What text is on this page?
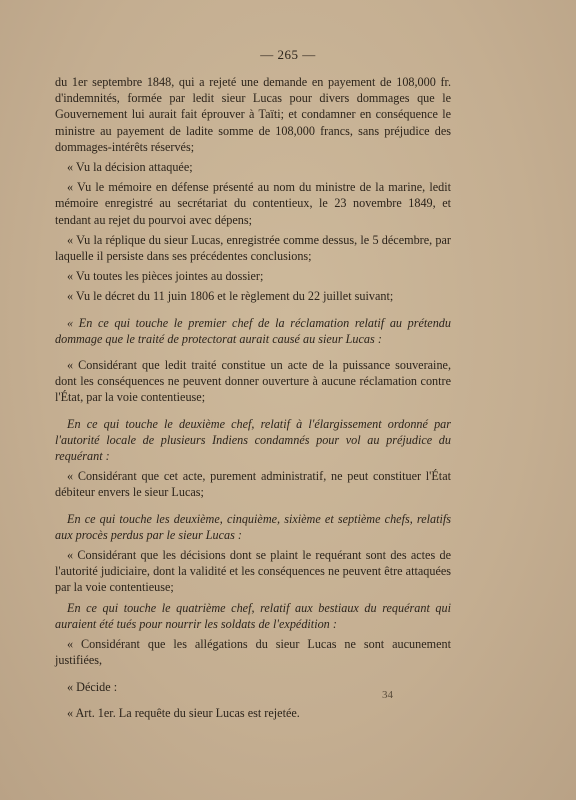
— 265 —

du 1er septembre 1848, qui a rejeté une demande en payement de 108,000 fr. d'indemnités, formée par ledit sieur Lucas pour divers dommages que le Gouvernement lui aurait fait éprouver à Taïti; et condamner en conséquence le ministre au payement de ladite somme de 108,000 francs, sans préjudice des dommages-intérêts réservés;

« Vu la décision attaquée;

« Vu le mémoire en défense présenté au nom du ministre de la marine, ledit mémoire enregistré au secrétariat du contentieux, le 23 novembre 1849, et tendant au rejet du pourvoi avec dépens;

« Vu la réplique du sieur Lucas, enregistrée comme dessus, le 5 décembre, par laquelle il persiste dans ses précédentes conclusions;

« Vu toutes les pièces jointes au dossier;

« Vu le décret du 11 juin 1806 et le règlement du 22 juillet suivant;

« En ce qui touche le premier chef de la réclamation relatif au prétendu dommage que le traité de protectorat aurait causé au sieur Lucas :

« Considérant que ledit traité constitue un acte de la puissance souveraine, dont les conséquences ne peuvent donner ouverture à aucune réclamation contre l'État, par la voie contentieuse;

En ce qui touche le deuxième chef, relatif à l'élargissement ordonné par l'autorité locale de plusieurs Indiens condamnés pour vol au préjudice du requérant :

« Considérant que cet acte, purement administratif, ne peut constituer l'État débiteur envers le sieur Lucas;

En ce qui touche les deuxième, cinquième, sixième et septième chefs, relatifs aux procès perdus par le sieur Lucas :

« Considérant que les décisions dont se plaint le requérant sont des actes de l'autorité judiciaire, dont la validité et les conséquences ne peuvent être attaquées par la voie contentieuse;

En ce qui touche le quatrième chef, relatif aux bestiaux du requérant qui auraient été tués pour nourrir les soldats de l'expédition :

« Considérant que les allégations du sieur Lucas ne sont aucunement justifiées,

« Décide :

« Art. 1er. La requête du sieur Lucas est rejetée.

34
